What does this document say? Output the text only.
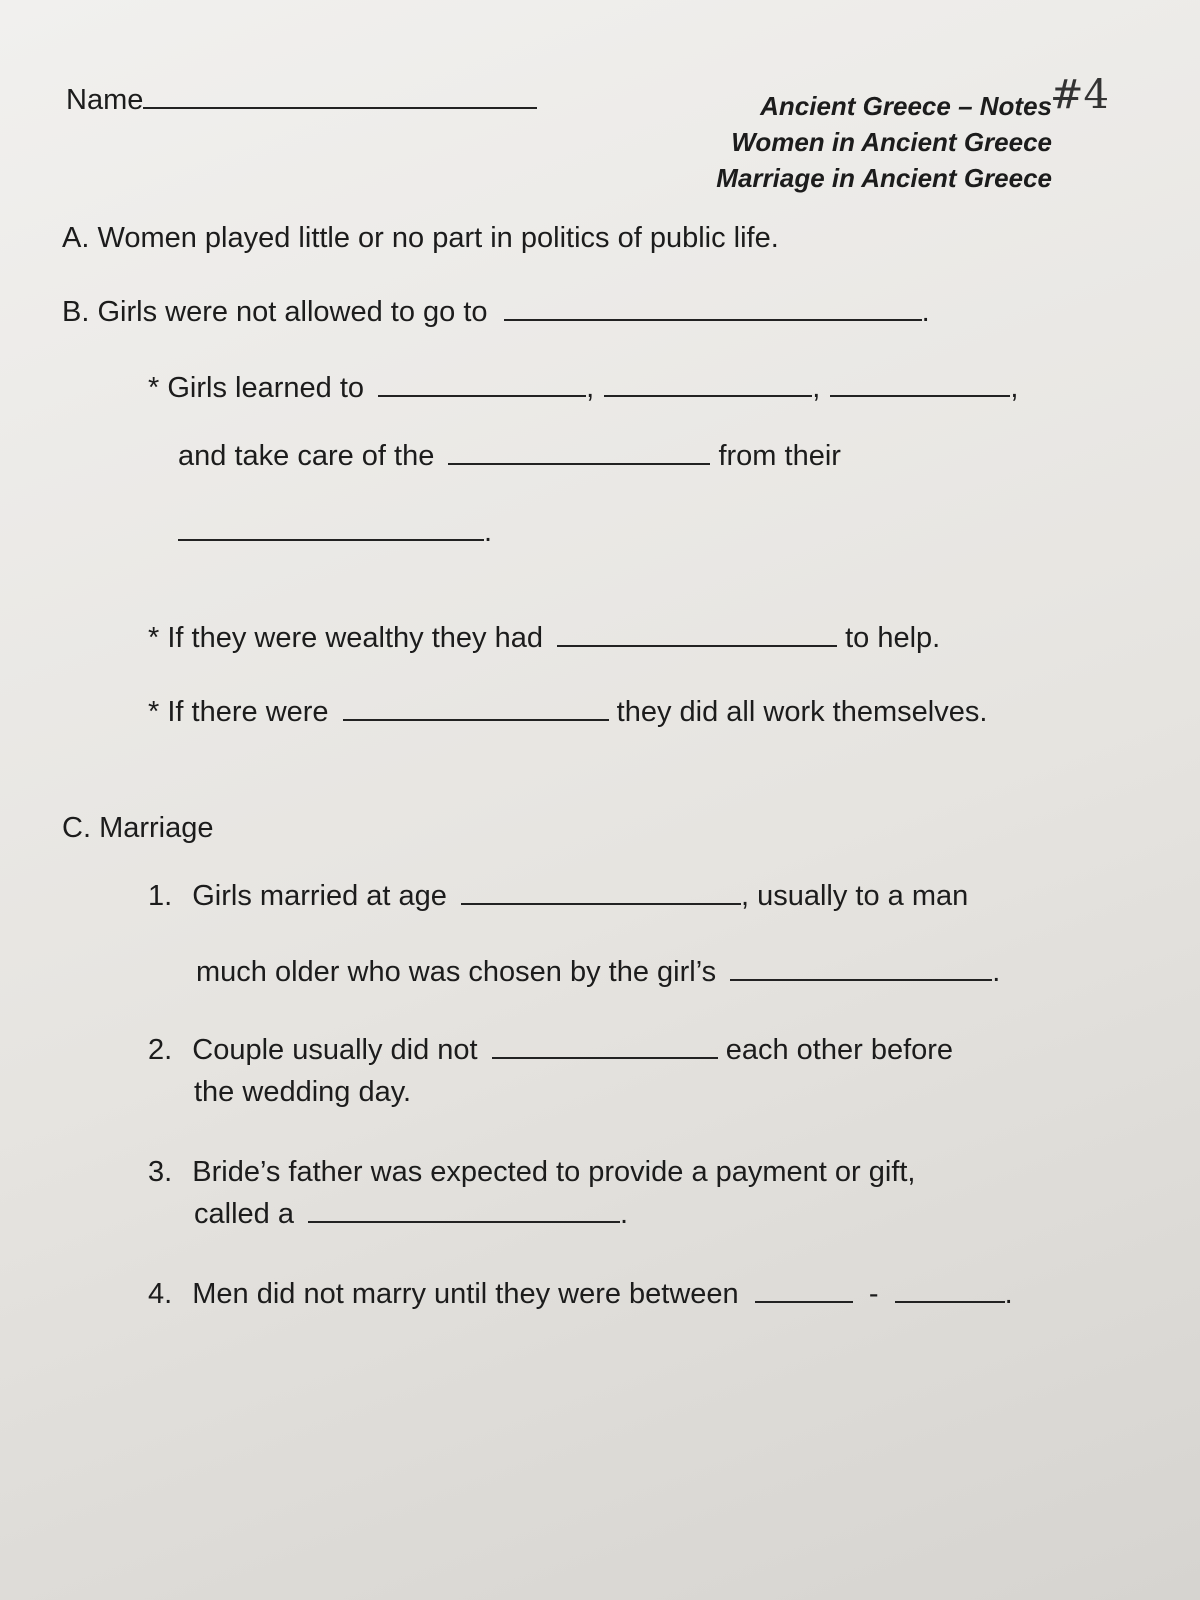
Name	Ancient Greece – Notes
Women in Ancient Greece
Marriage in Ancient Greece
#4
A. Women played little or no part in politics of public life.
B. Girls were not allowed to go to	.
* Girls learned to	,	,	,
and take care of the	from their
.
* If they were wealthy they had	to help.
* If there were	they did all work themselves.
C. Marriage
1. Girls married at age	, usually to a man
much older who was chosen by the girl’s	.
2. Couple usually did not	each other before
the wedding day.
3. Bride’s father was expected to provide a payment or gift,
called a	.
4. Men did not marry until they were between	-	.
